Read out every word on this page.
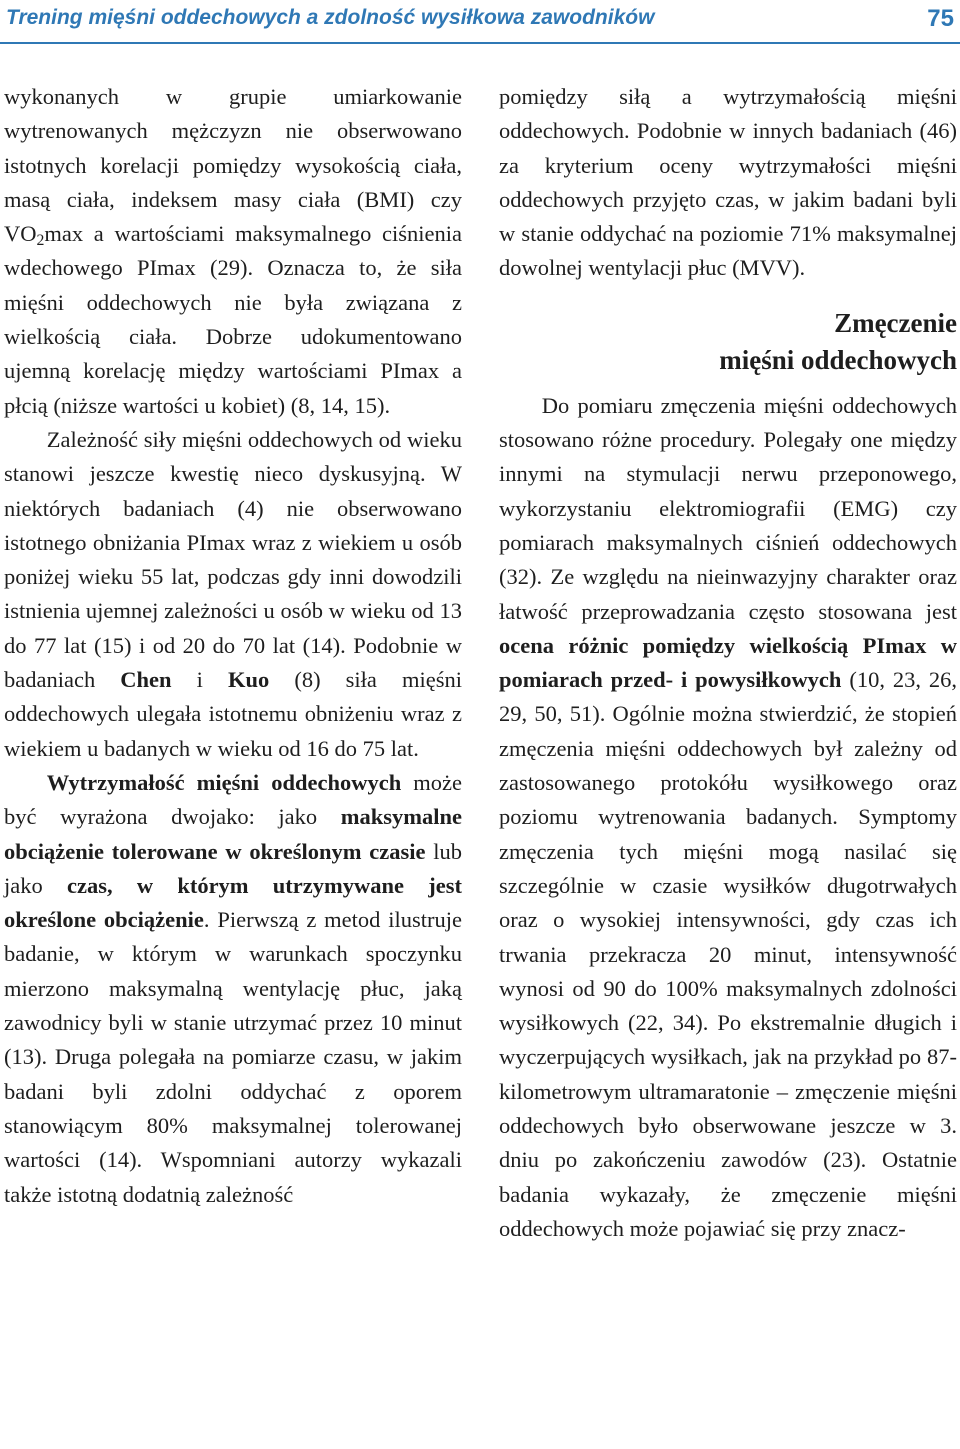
Trening mięśni oddechowych a zdolność wysiłkowa zawodników	75

wykonanych w grupie umiarkowanie wytrenowanych mężczyzn nie obserwowano istotnych korelacji pomiędzy wysokością ciała, masą ciała, indeksem masy ciała (BMI) czy $VO_2\max$ a wartościami maksymalnego ciśnienia wdechowego PImax (29). Oznacza to, że siła mięśni oddechowych nie była związana z wielkością ciała. Dobrze udokumentowano ujemną korelację między wartościami PImax a płcią (niższe wartości u kobiet) (8, 14, 15).

Zależność siły mięśni oddechowych od wieku stanowi jeszcze kwestię nieco dyskusyjną. W niektórych badaniach (4) nie obserwowano istotnego obniżania PImax wraz z wiekiem u osób poniżej wieku 55 lat, podczas gdy inni dowodzili istnienia ujemnej zależności u osób w wieku od 13 do 77 lat (15) i od 20 do 70 lat (14). Podobnie w badaniach Chen i Kuo (8) siła mięśni oddechowych ulegała istotnemu obniżeniu wraz z wiekiem u badanych w wieku od 16 do 75 lat.

Wytrzymałość mięśni oddechowych może być wyrażona dwojako: jako maksymalne obciążenie tolerowane w określonym czasie lub jako czas, w którym utrzymywane jest określone obciążenie. Pierwszą z metod ilustruje badanie, w którym w warunkach spoczynku mierzono maksymalną wentylację płuc, jaką zawodnicy byli w stanie utrzymać przez 10 minut (13). Druga polegała na pomiarze czasu, w jakim badani byli zdolni oddychać z oporem stanowiącym 80% maksymalnej tolerowanej wartości (14). Wspomniani autorzy wykazali także istotną dodatnią zależność

pomiędzy siłą a wytrzymałością mięśni oddechowych. Podobnie w innych badaniach (46) za kryterium oceny wytrzymałości mięśni oddechowych przyjęto czas, w jakim badani byli w stanie oddychać na poziomie 71% maksymalnej dowolnej wentylacji płuc (MVV).

Zmęczenie
mięśni oddechowych

Do pomiaru zmęczenia mięśni oddechowych stosowano różne procedury. Polegały one między innymi na stymulacji nerwu przeponowego, wykorzystaniu elektromiografii (EMG) czy pomiarach maksymalnych ciśnień oddechowych (32). Ze względu na nieinwazyjny charakter oraz łatwość przeprowadzania często stosowana jest ocena różnic pomiędzy wielkością PImax w pomiarach przed- i powysiłkowych (10, 23, 26, 29, 50, 51). Ogólnie można stwierdzić, że stopień zmęczenia mięśni oddechowych był zależny od zastosowanego protokółu wysiłkowego oraz poziomu wytrenowania badanych. Symptomy zmęczenia tych mięśni mogą nasilać się szczególnie w czasie wysiłków długotrwałych oraz o wysokiej intensywności, gdy czas ich trwania przekracza 20 minut, intensywność wynosi od 90 do 100% maksymalnych zdolności wysiłkowych (22, 34). Po ekstremalnie długich i wyczerpujących wysiłkach, jak na przykład po 87-kilometrowym ultramaratonie – zmęczenie mięśni oddechowych było obserwowane jeszcze w 3. dniu po zakończeniu zawodów (23). Ostatnie badania wykazały, że zmęczenie mięśni oddechowych może pojawiać się przy znacz-
